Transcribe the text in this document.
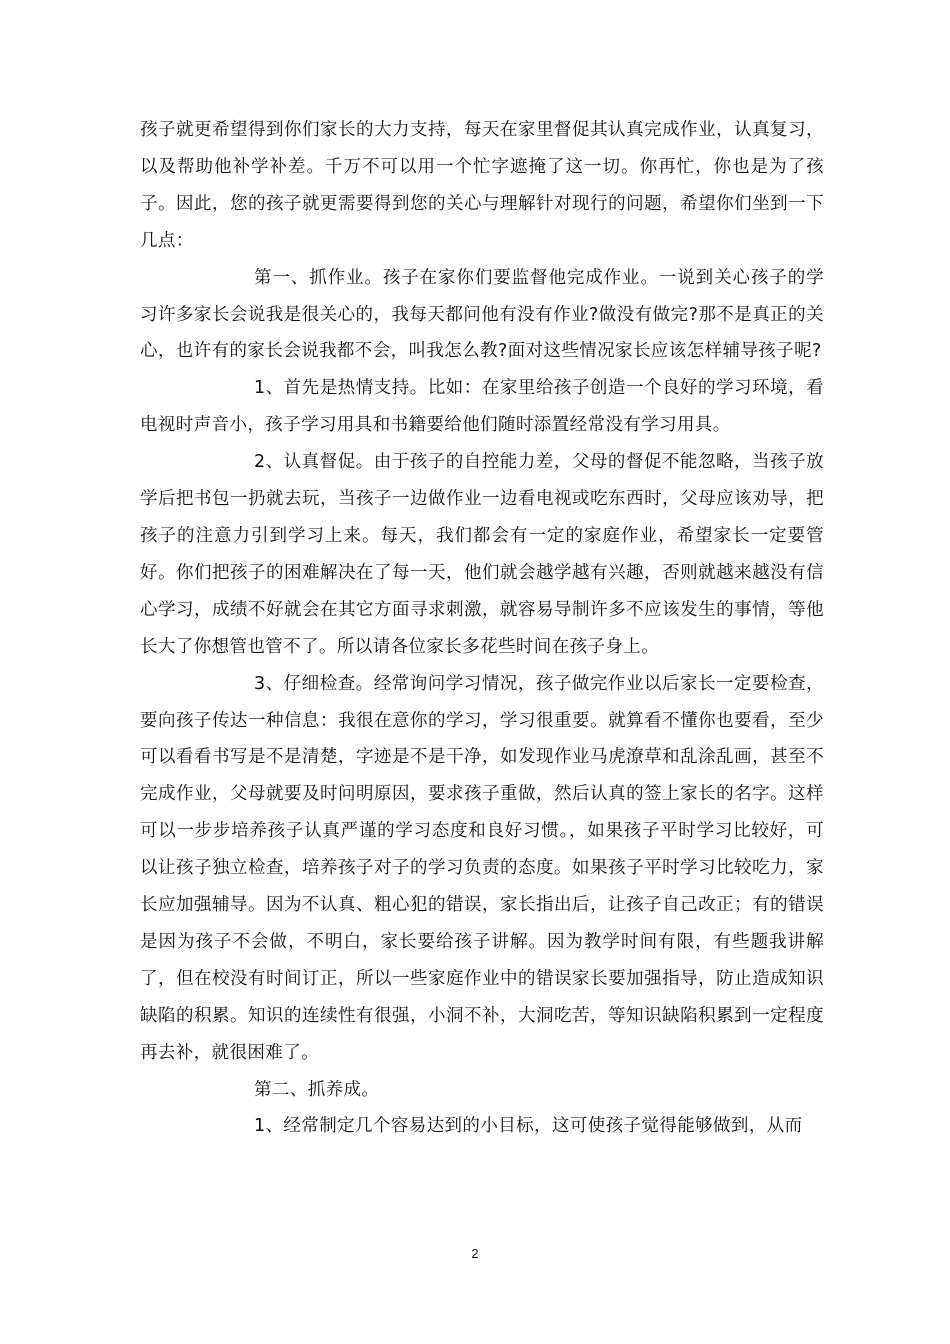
孩子就更希望得到你们家长的大力支持，每天在家里督促其认真完成作业，认真复习，以及帮助他补学补差。千万不可以用一个忙字遮掩了这一切。你再忙，你也是为了孩子。因此，您的孩子就更需要得到您的关心与理解针对现行的问题，希望你们坐到一下几点：

第一、抓作业。孩子在家你们要监督他完成作业。一说到关心孩子的学习许多家长会说我是很关心的，我每天都问他有没有作业?做没有做完?那不是真正的关心，也许有的家长会说我都不会，叫我怎么教?面对这些情况家长应该怎样辅导孩子呢?

1、首先是热情支持。比如：在家里给孩子创造一个良好的学习环境，看电视时声音小，孩子学习用具和书籍要给他们随时添置经常没有学习用具。

2、认真督促。由于孩子的自控能力差，父母的督促不能忽略，当孩子放学后把书包一扔就去玩，当孩子一边做作业一边看电视或吃东西时，父母应该劝导，把孩子的注意力引到学习上来。每天，我们都会有一定的家庭作业，希望家长一定要管好。你们把孩子的困难解决在了每一天，他们就会越学越有兴趣，否则就越来越没有信心学习，成绩不好就会在其它方面寻求刺激，就容易导制许多不应该发生的事情，等他长大了你想管也管不了。所以请各位家长多花些时间在孩子身上。

3、仔细检查。经常询问学习情况，孩子做完作业以后家长一定要检查，要向孩子传达一种信息：我很在意你的学习，学习很重要。就算看不懂你也要看，至少可以看看书写是不是清楚，字迹是不是干净，如发现作业马虎潦草和乱涂乱画，甚至不完成作业，父母就要及时问明原因，要求孩子重做，然后认真的签上家长的名字。这样可以一步步培养孩子认真严谨的学习态度和良好习惯。，如果孩子平时学习比较好，可以让孩子独立检查，培养孩子对子的学习负责的态度。如果孩子平时学习比较吃力，家长应加强辅导。因为不认真、粗心犯的错误，家长指出后，让孩子自己改正；有的错误是因为孩子不会做，不明白，家长要给孩子讲解。因为教学时间有限，有些题我讲解了，但在校没有时间订正，所以一些家庭作业中的错误家长要加强指导，防止造成知识缺陷的积累。知识的连续性有很强，小洞不补，大洞吃苦，等知识缺陷积累到一定程度再去补，就很困难了。

第二、抓养成。

1、经常制定几个容易达到的小目标，这可使孩子觉得能够做到，从而

2
